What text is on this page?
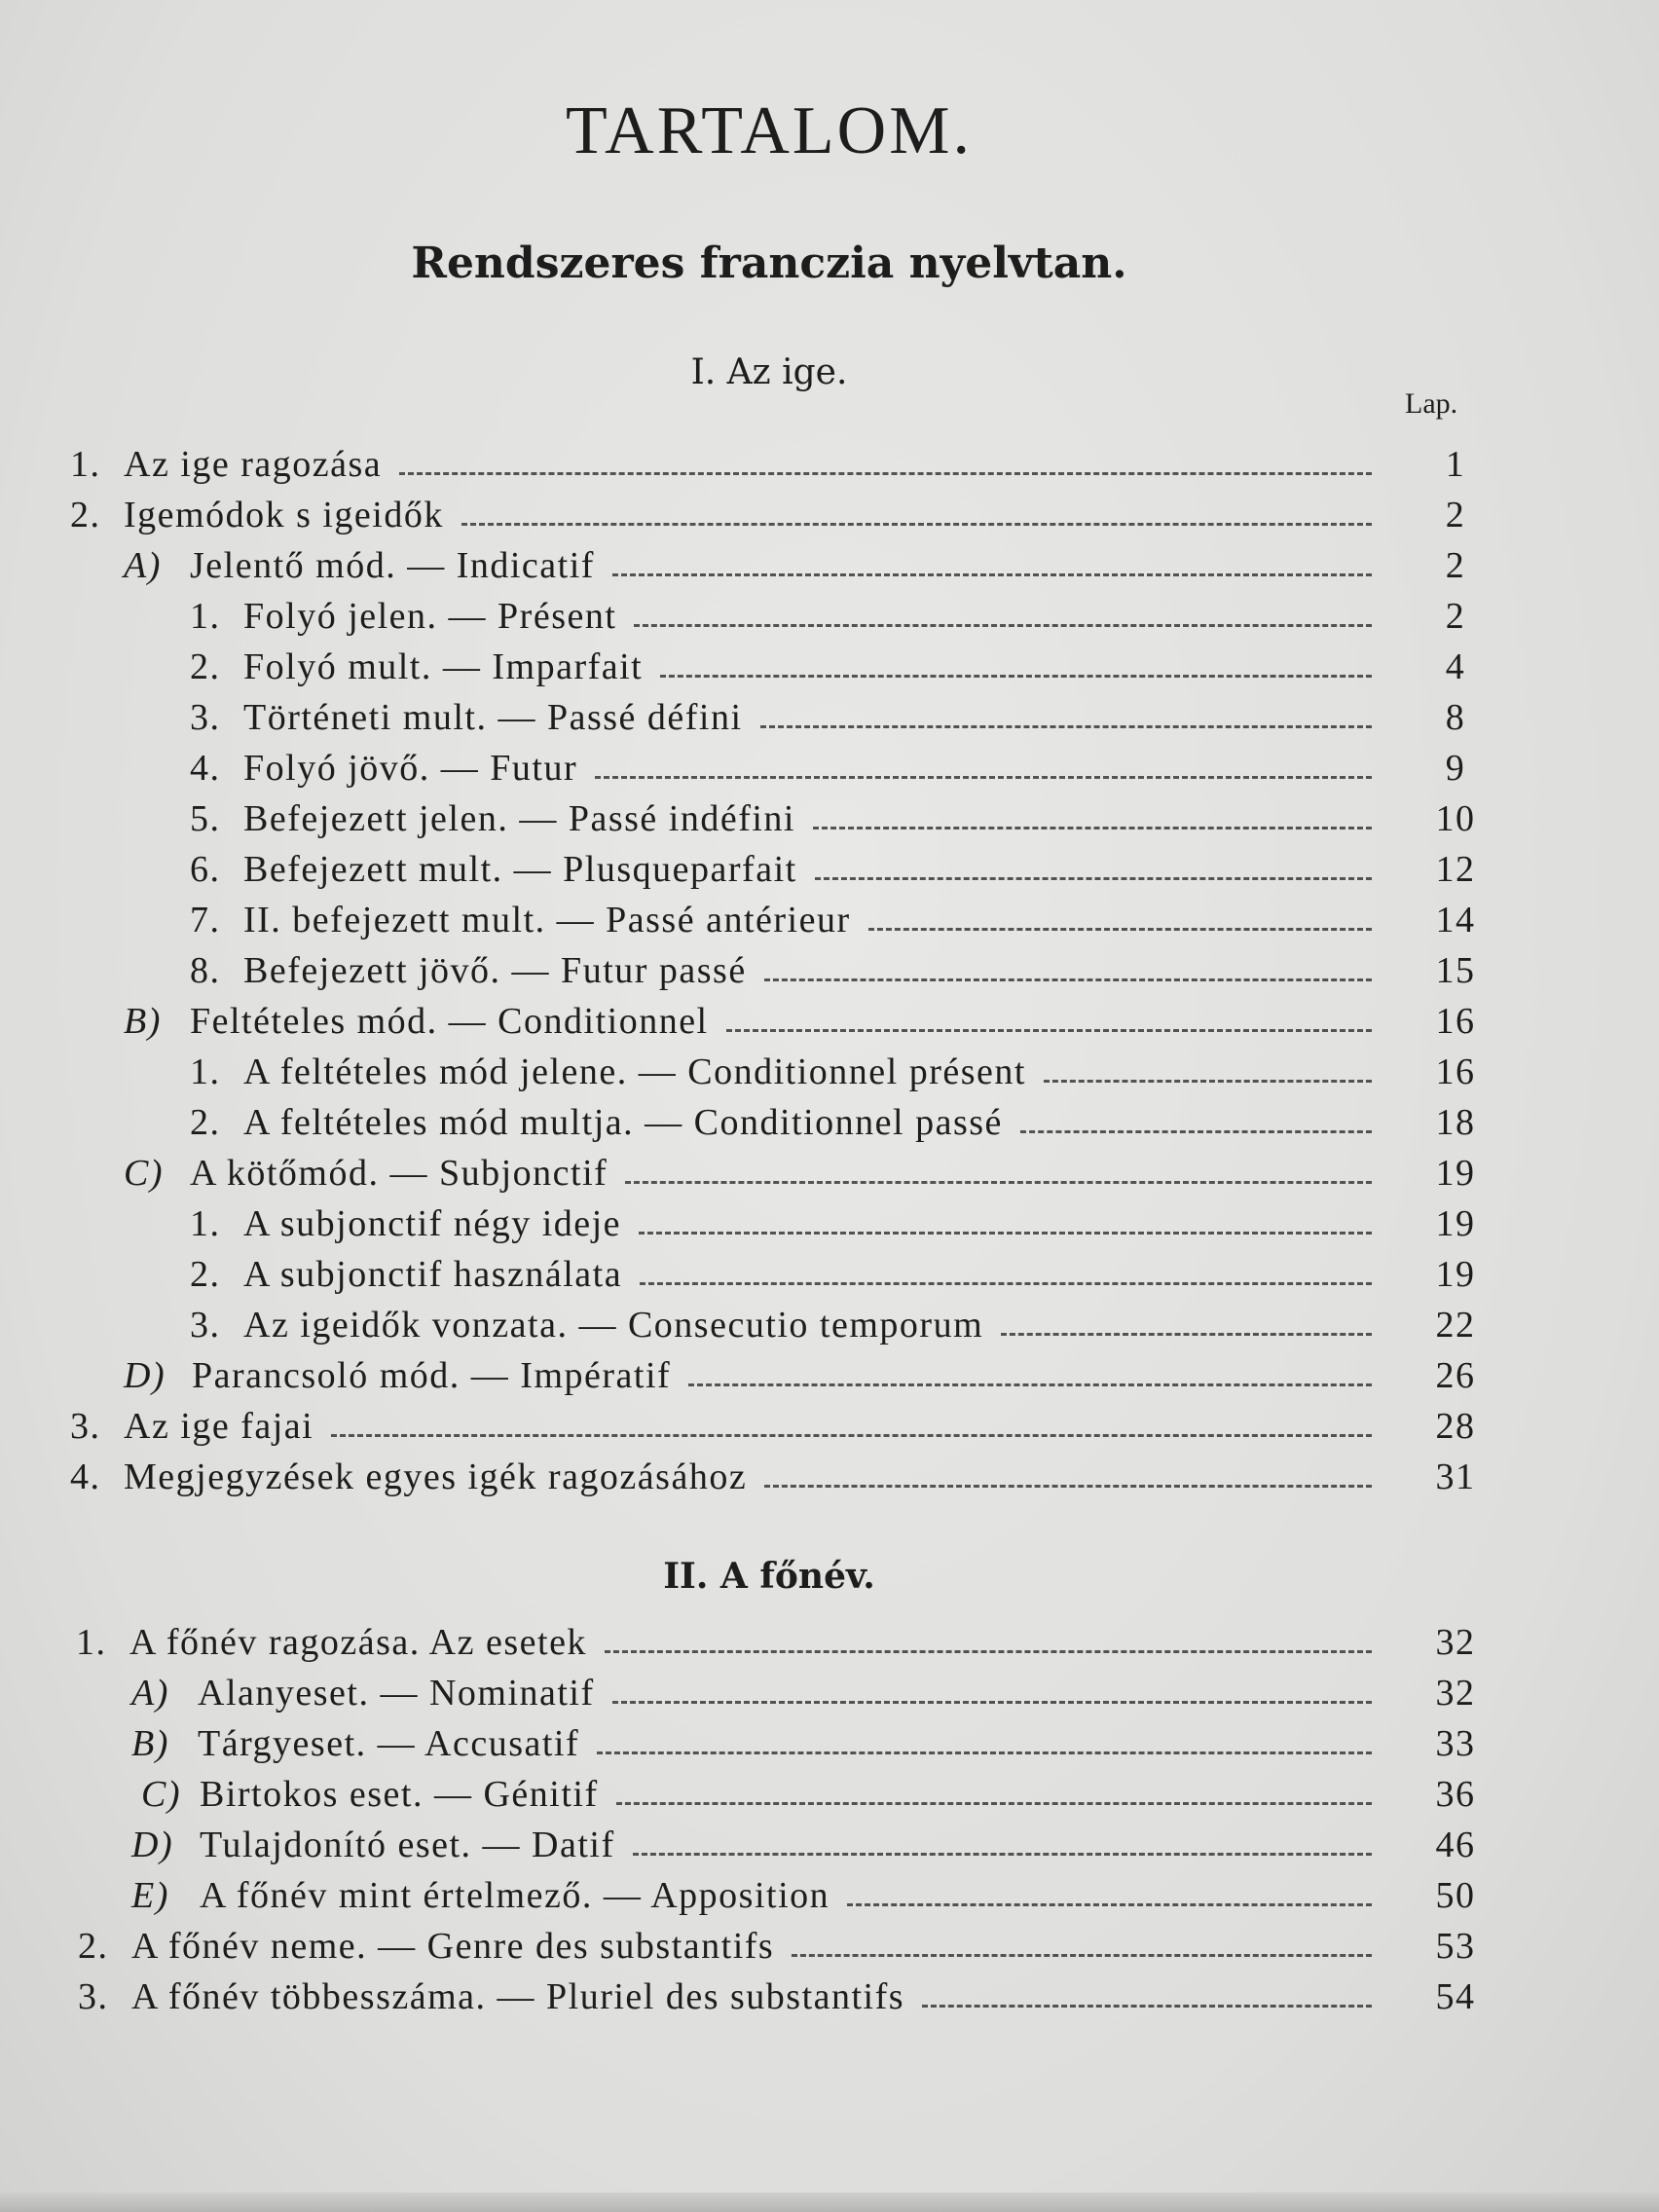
TARTALOM.
Rendszeres franczia nyelvtan.
I. Az ige.
Lap.
1. Az ige ragozása	1
2. Igemódok s igeidők	2
A) Jelentő mód. — Indicatif	2
1. Folyó jelen. — Présent	2
2. Folyó mult. — Imparfait	4
3. Történeti mult. — Passé défini	8
4. Folyó jövő. — Futur	9
5. Befejezett jelen. — Passé indéfini	10
6. Befejezett mult. — Plusqueparfait	12
7. II. befejezett mult. — Passé antérieur	14
8. Befejezett jövő. — Futur passé	15
B) Feltételes mód. — Conditionnel	16
1. A feltételes mód jelene. — Conditionnel présent	16
2. A feltételes mód multja. — Conditionnel passé	18
C) A kötőmód. — Subjonctif	19
1. A subjonctif négy ideje	19
2. A subjonctif használata	19
3. Az igeidők vonzata. — Consecutio temporum	22
D) Parancsoló mód. — Impératif	26
3. Az ige fajai	28
4. Megjegyzések egyes igék ragozásához	31
II. A főnév.
1. A főnév ragozása. Az esetek	32
A) Alanyeset. — Nominatif	32
B) Tárgyeset. — Accusatif	33
C) Birtokos eset. — Génitif	36
D) Tulajdonító eset. — Datif	46
E) A főnév mint értelmező. — Apposition	50
2. A főnév neme. — Genre des substantifs	53
3. A főnév többesszáma. — Pluriel des substantifs	54
